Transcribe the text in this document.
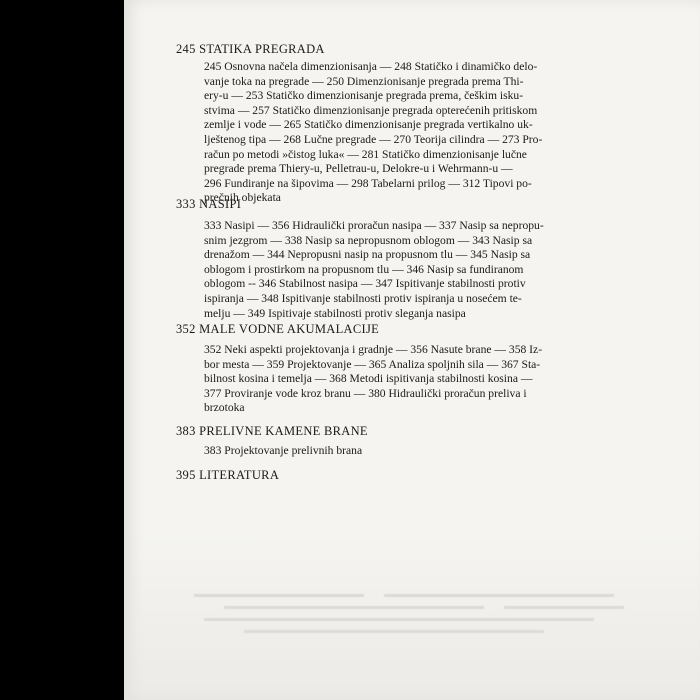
245 STATIKA PREGRADA
245 Osnovna načela dimenzionisanja — 248 Statičko i dinamičko delo-
vanje toka na pregrade — 250 Dimenzionisanje pregrada prema Thi-
ery-u — 253 Statičko dimenzionisanje pregrada prema, češkim isku-
stvima — 257 Statičko dimenzionisanje pregrada opterećenih pritiskom
zemlje i vode — 265 Statičko dimenzionisanje pregrada vertikalno uk-
lještenog tipa — 268 Lučne pregrade — 270 Teorija cilindra — 273 Pro-
račun po metodi »čistog luka« — 281 Statičko dimenzionisanje lučne
pregrade prema Thiery-u, Pelletrau-u, Delokre-u i Wehrmann-u —
296 Fundiranje na šipovima — 298 Tabelarni prilog — 312 Tipovi po-
prečnih objekata
333 NASIPI
333 Nasipi — 356 Hidraulički proračun nasipa — 337 Nasip sa nepropu-
snim jezgrom — 338 Nasip sa nepropusnom oblogom — 343 Nasip sa
drenažom — 344 Nepropusni nasip na propusnom tlu — 345 Nasip sa
oblogom i prostirkom na propusnom tlu — 346 Nasip sa fundiranom
oblogom -- 346 Stabilnost nasipa — 347 Ispitivanje stabilnosti protiv
ispiranja — 348 Ispitivanje stabilnosti protiv ispiranja u nosećem te-
melju — 349 Ispitivaje stabilnosti protiv sleganja nasipa
352 MALE VODNE AKUMALACIJE
352 Neki aspekti projektovanja i gradnje — 356 Nasute brane — 358 Iz-
bor mesta — 359 Projektovanje — 365 Analiza spoljnih sila — 367 Sta-
bilnost kosina i temelja — 368 Metodi ispitivanja stabilnosti kosina —
377 Proviranje vode kroz branu — 380 Hidraulički proračun preliva i
brzotoka
383 PRELIVNE KAMENE BRANE
383 Projektovanje prelivnih brana
395 LITERATURA
